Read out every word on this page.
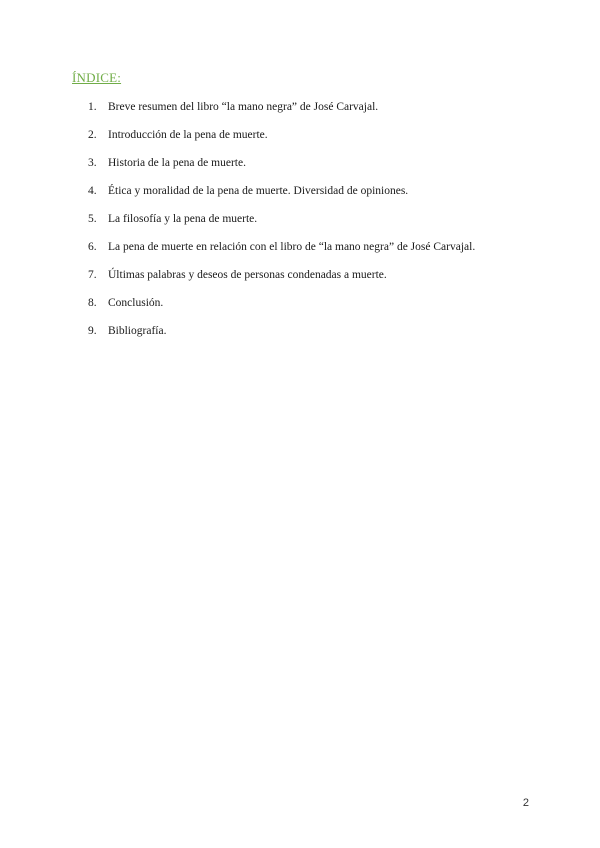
ÍNDICE:
1. Breve resumen del libro “la mano negra” de José Carvajal.
2. Introducción de la pena de muerte.
3. Historia de la pena de muerte.
4. Ética y moralidad de la pena de muerte. Diversidad de opiniones.
5. La filosofía y la pena de muerte.
6. La pena de muerte en relación con el libro de “la mano negra” de José Carvajal.
7. Últimas palabras y deseos de personas condenadas a muerte.
8. Conclusión.
9. Bibliografía.
2
